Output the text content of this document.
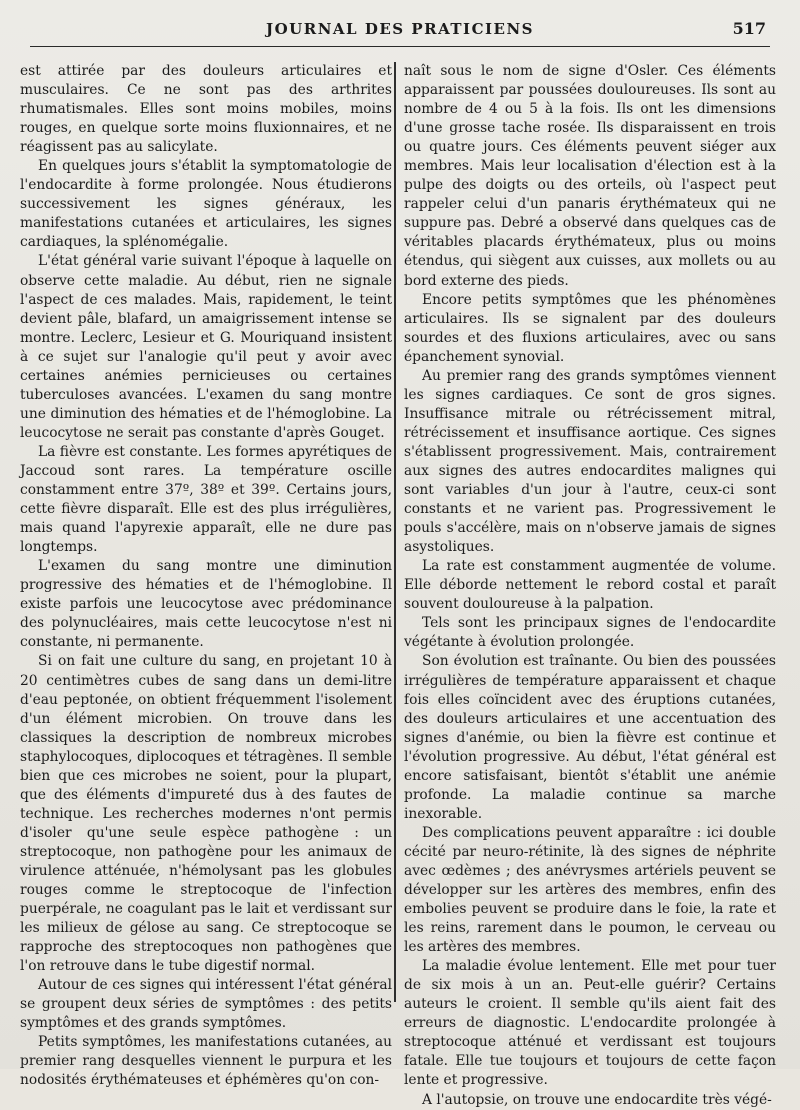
JOURNAL DES PRATICIENS	517

est attirée par des douleurs articulaires et musculaires. Ce ne sont pas des arthrites rhumatismales. Elles sont moins mobiles, moins rouges, en quelque sorte moins fluxionnaires, et ne réagissent pas au salicylate.

En quelques jours s'établit la symptomatologie de l'endocardite à forme prolongée. Nous étudierons successivement les signes généraux, les manifestations cutanées et articulaires, les signes cardiaques, la splénomégalie.

L'état général varie suivant l'époque à laquelle on observe cette maladie. Au début, rien ne signale l'aspect de ces malades. Mais, rapidement, le teint devient pâle, blafard, un amaigrissement intense se montre. Leclerc, Lesieur et G. Mouriquand insistent à ce sujet sur l'analogie qu'il peut y avoir avec certaines anémies pernicieuses ou certaines tuberculoses avancées. L'examen du sang montre une diminution des hématies et de l'hémoglobine. La leucocytose ne serait pas constante d'après Gouget.

La fièvre est constante. Les formes apyrétiques de Jaccoud sont rares. La température oscille constamment entre 37º, 38º et 39º. Certains jours, cette fièvre disparaît. Elle est des plus irrégulières, mais quand l'apyrexie apparaît, elle ne dure pas longtemps.

L'examen du sang montre une diminution progressive des hématies et de l'hémoglobine. Il existe parfois une leucocytose avec prédominance des polynucléaires, mais cette leucocytose n'est ni constante, ni permanente.

Si on fait une culture du sang, en projetant 10 à 20 centimètres cubes de sang dans un demi-litre d'eau peptonée, on obtient fréquemment l'isolement d'un élément microbien. On trouve dans les classiques la description de nombreux microbes staphylocoques, diplocoques et tétragènes. Il semble bien que ces microbes ne soient, pour la plupart, que des éléments d'impureté dus à des fautes de technique. Les recherches modernes n'ont permis d'isoler qu'une seule espèce pathogène : un streptocoque, non pathogène pour les animaux de virulence atténuée, n'hémolysant pas les globules rouges comme le streptocoque de l'infection puerpérale, ne coagulant pas le lait et verdissant sur les milieux de gélose au sang. Ce streptocoque se rapproche des streptocoques non pathogènes que l'on retrouve dans le tube digestif normal.

Autour de ces signes qui intéressent l'état général se groupent deux séries de symptômes : des petits symptômes et des grands symptômes.

Petits symptômes, les manifestations cutanées, au premier rang desquelles viennent le purpura et les nodosités érythémateuses et éphémères qu'on con-

naît sous le nom de signe d'Osler. Ces éléments apparaissent par poussées douloureuses. Ils sont au nombre de 4 ou 5 à la fois. Ils ont les dimensions d'une grosse tache rosée. Ils disparaissent en trois ou quatre jours. Ces éléments peuvent siéger aux membres. Mais leur localisation d'élection est à la pulpe des doigts ou des orteils, où l'aspect peut rappeler celui d'un panaris érythémateux qui ne suppure pas. Debré a observé dans quelques cas de véritables placards érythémateux, plus ou moins étendus, qui siègent aux cuisses, aux mollets ou au bord externe des pieds.

Encore petits symptômes que les phénomènes articulaires. Ils se signalent par des douleurs sourdes et des fluxions articulaires, avec ou sans épanchement synovial.

Au premier rang des grands symptômes viennent les signes cardiaques. Ce sont de gros signes. Insuffisance mitrale ou rétrécissement mitral, rétrécissement et insuffisance aortique. Ces signes s'établissent progressivement. Mais, contrairement aux signes des autres endocardites malignes qui sont variables d'un jour à l'autre, ceux-ci sont constants et ne varient pas. Progressivement le pouls s'accélère, mais on n'observe jamais de signes asystoliques.

La rate est constamment augmentée de volume. Elle déborde nettement le rebord costal et paraît souvent douloureuse à la palpation.

Tels sont les principaux signes de l'endocardite végétante à évolution prolongée.

Son évolution est traînante. Ou bien des poussées irrégulières de température apparaissent et chaque fois elles coïncident avec des éruptions cutanées, des douleurs articulaires et une accentuation des signes d'anémie, ou bien la fièvre est continue et l'évolution progressive. Au début, l'état général est encore satisfaisant, bientôt s'établit une anémie profonde. La maladie continue sa marche inexorable.

Des complications peuvent apparaître : ici double cécité par neuro-rétinite, là des signes de néphrite avec œdèmes ; des anévrysmes artériels peuvent se développer sur les artères des membres, enfin des embolies peuvent se produire dans le foie, la rate et les reins, rarement dans le poumon, le cerveau ou les artères des membres.

La maladie évolue lentement. Elle met pour tuer de six mois à un an. Peut-elle guérir? Certains auteurs le croient. Il semble qu'ils aient fait des erreurs de diagnostic. L'endocardite prolongée à streptocoque atténué et verdissant est toujours fatale. Elle tue toujours et toujours de cette façon lente et progressive.

A l'autopsie, on trouve une endocardite très végé-
